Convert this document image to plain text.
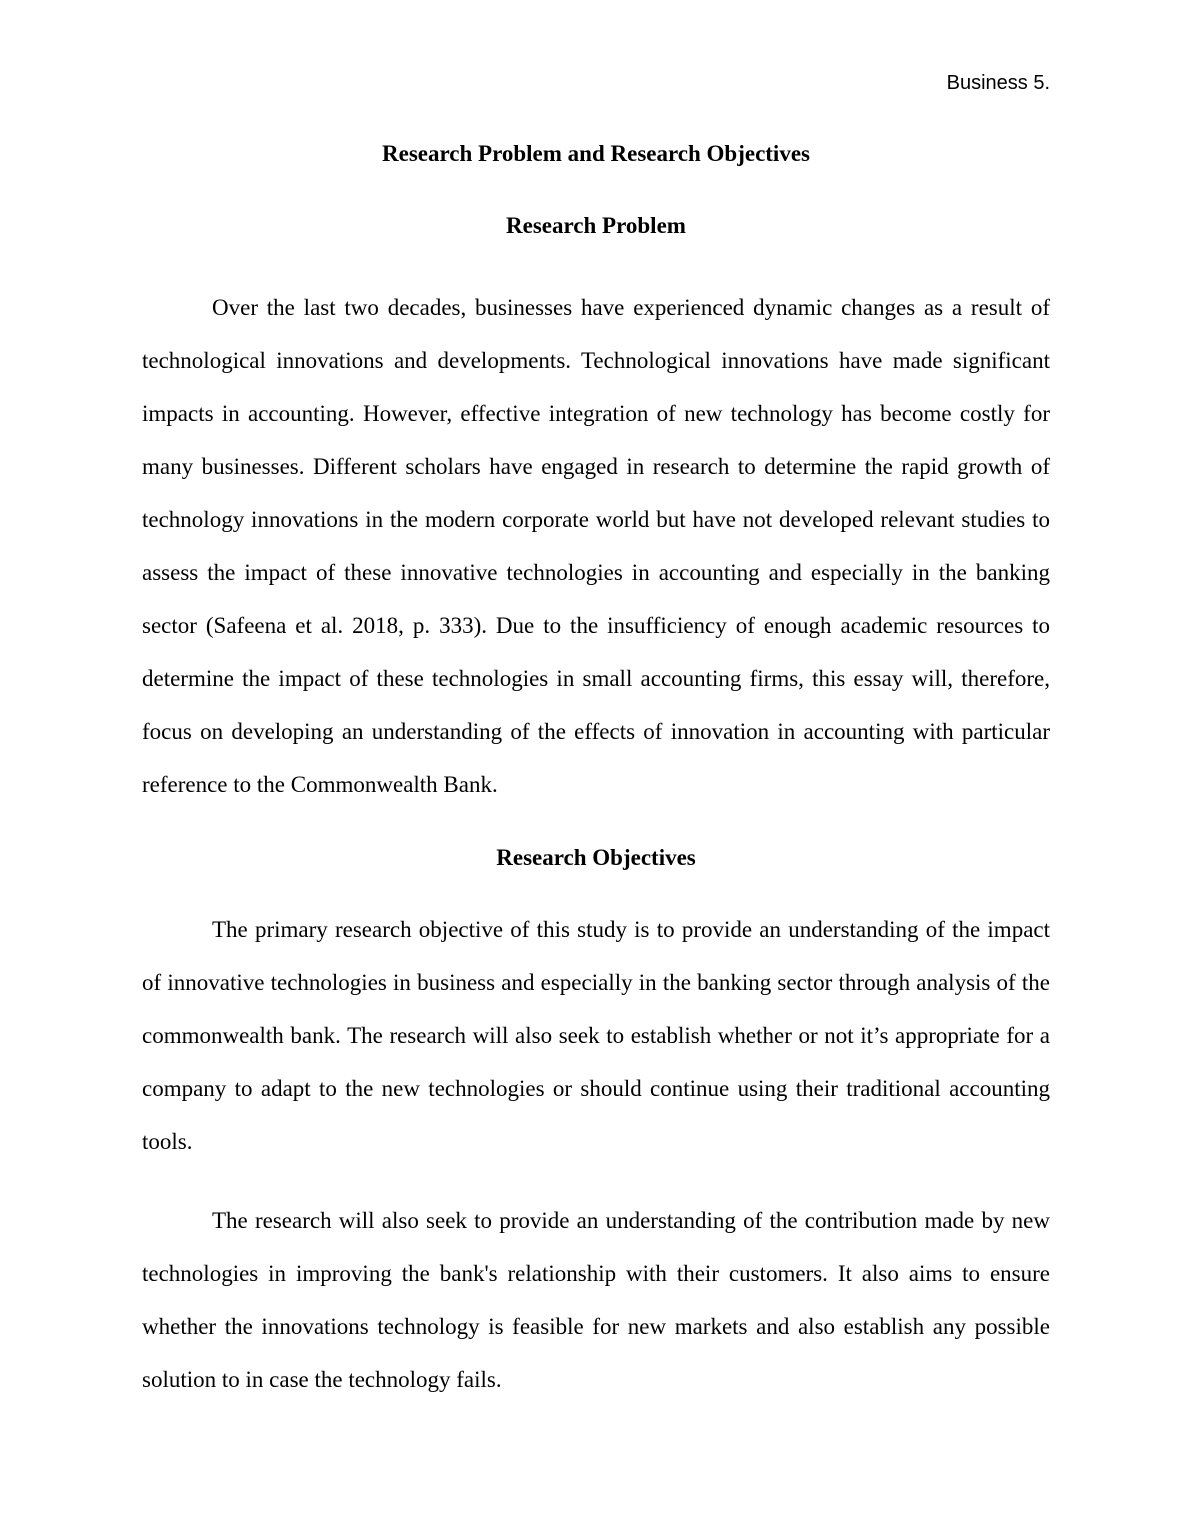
Business 5.
Research Problem and Research Objectives
Research Problem

Over the last two decades, businesses have experienced dynamic changes as a result of technological innovations and developments. Technological innovations have made significant impacts in accounting. However, effective integration of new technology has become costly for many businesses. Different scholars have engaged in research to determine the rapid growth of technology innovations in the modern corporate world but have not developed relevant studies to assess the impact of these innovative technologies in accounting and especially in the banking sector (Safeena et al. 2018, p. 333). Due to the insufficiency of enough academic resources to determine the impact of these technologies in small accounting firms, this essay will, therefore, focus on developing an understanding of the effects of innovation in accounting with particular reference to the Commonwealth Bank.

Research Objectives

The primary research objective of this study is to provide an understanding of the impact of innovative technologies in business and especially in the banking sector through analysis of the commonwealth bank. The research will also seek to establish whether or not it’s appropriate for a company to adapt to the new technologies or should continue using their traditional accounting tools.

The research will also seek to provide an understanding of the contribution made by new technologies in improving the bank's relationship with their customers. It also aims to ensure whether the innovations technology is feasible for new markets and also establish any possible solution to in case the technology fails.
